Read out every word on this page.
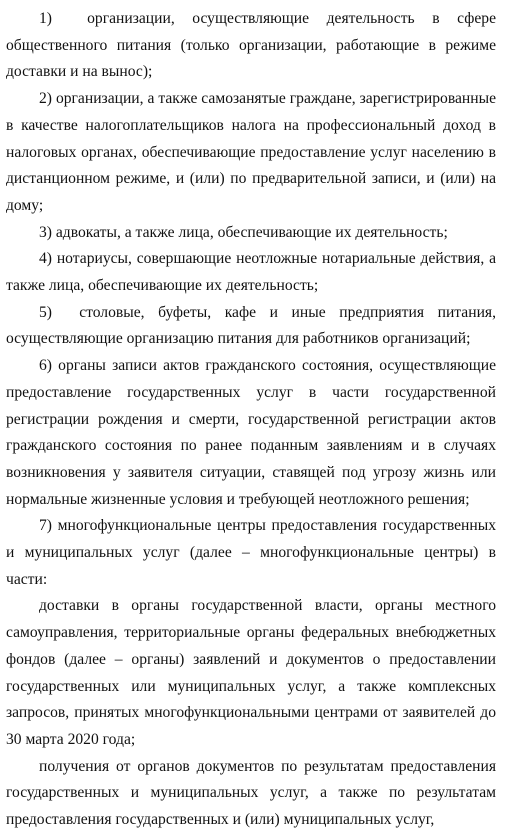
1)  организации, осуществляющие деятельность в сфере общественного питания (только организации, работающие в режиме доставки и на вынос);

2) организации, а также самозанятые граждане, зарегистрированные в качестве налогоплательщиков налога на профессиональный доход в налоговых органах, обеспечивающие предоставление услуг населению в дистанционном режиме, и (или) по предварительной записи, и (или) на дому;

3) адвокаты, а также лица, обеспечивающие их деятельность;

4) нотариусы, совершающие неотложные нотариальные действия, а также лица, обеспечивающие их деятельность;

5)  столовые, буфеты, кафе и иные предприятия питания, осуществляющие организацию питания для работников организаций;

6) органы записи актов гражданского состояния, осуществляющие предоставление государственных услуг в части государственной регистрации рождения и смерти, государственной регистрации актов гражданского состояния по ранее поданным заявлениям и в случаях возникновения у заявителя ситуации, ставящей под угрозу жизнь или нормальные жизненные условия и требующей неотложного решения;

7) многофункциональные центры предоставления государственных и муниципальных услуг (далее – многофункциональные центры) в части:

доставки в органы государственной власти, органы местного самоуправления, территориальные органы федеральных внебюджетных фондов (далее – органы) заявлений и документов о предоставлении государственных или муниципальных услуг, а также комплексных запросов, принятых многофункциональными центрами от заявителей до 30 марта 2020 года;

получения от органов документов по результатам предоставления государственных и муниципальных услуг, а также по результатам предоставления государственных и (или) муниципальных услуг,
